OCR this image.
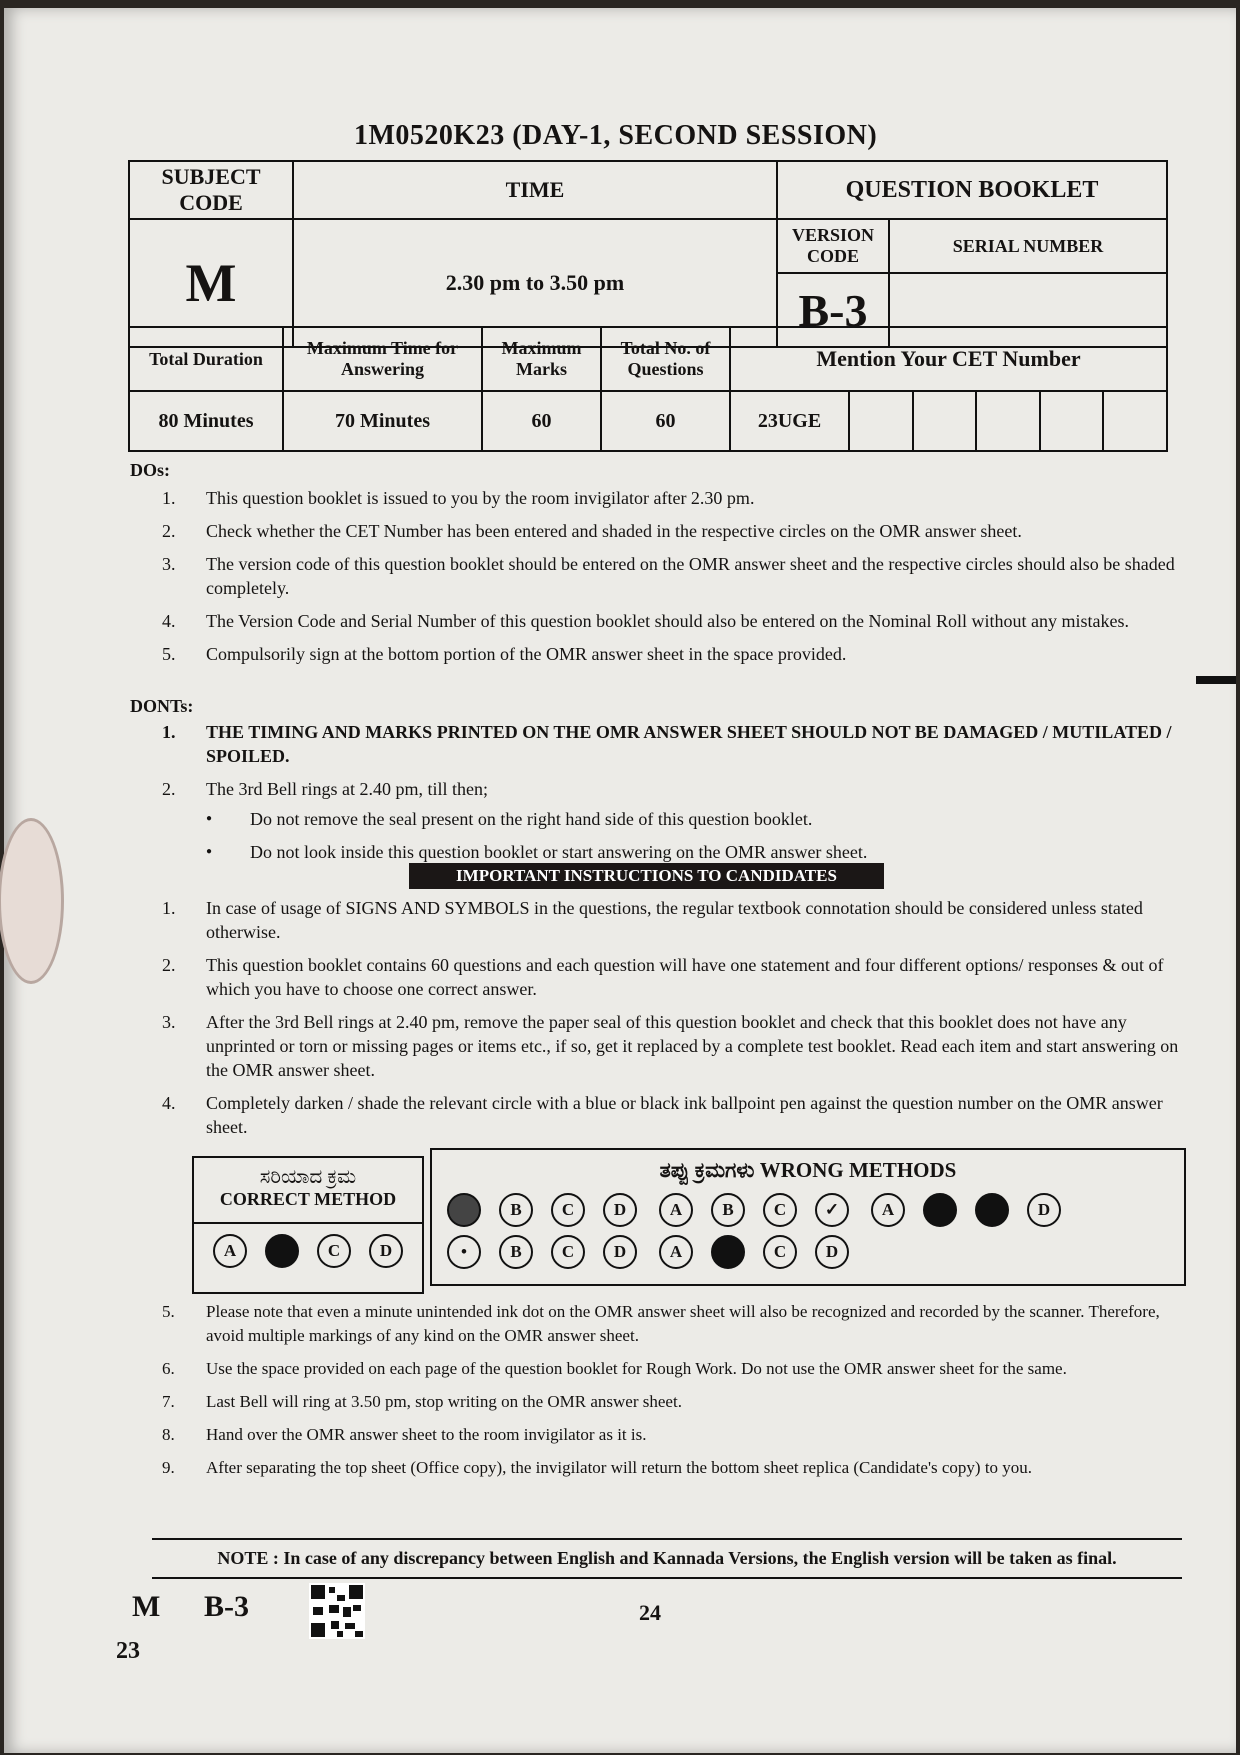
1M0520K23 (DAY-1, SECOND SESSION)
SUBJECT CODE	TIME	QUESTION BOOKLET	
M	2.30 pm to 3.50 pm	VERSION CODE	SERIAL NUMBER
		B-3	
Total Duration	Maximum Time for Answering	Maximum Marks	Total No. of Questions	Mention Your CET Number					
80 Minutes	70 Minutes	60	60	23UGE					
DOs:
1. This question booklet is issued to you by the room invigilator after 2.30 pm.
2. Check whether the CET Number has been entered and shaded in the respective circles on the OMR answer sheet.
3. The version code of this question booklet should be entered on the OMR answer sheet and the respective circles should also be shaded completely.
4. The Version Code and Serial Number of this question booklet should also be entered on the Nominal Roll without any mistakes.
5. Compulsorily sign at the bottom portion of the OMR answer sheet in the space provided.
DONTs:
1. THE TIMING AND MARKS PRINTED ON THE OMR ANSWER SHEET SHOULD NOT BE DAMAGED / MUTILATED / SPOILED.
2. The 3rd Bell rings at 2.40 pm, till then;
● Do not remove the seal present on the right hand side of this question booklet.
● Do not look inside this question booklet or start answering on the OMR answer sheet.
IMPORTANT INSTRUCTIONS TO CANDIDATES
1. In case of usage of SIGNS AND SYMBOLS in the questions, the regular textbook connotation should be considered unless stated otherwise.
2. This question booklet contains 60 questions and each question will have one statement and four different options/ responses & out of which you have to choose one correct answer.
3. After the 3rd Bell rings at 2.40 pm, remove the paper seal of this question booklet and check that this booklet does not have any unprinted or torn or missing pages or items etc., if so, get it replaced by a complete test booklet. Read each item and start answering on the OMR answer sheet.
4. Completely darken / shade the relevant circle with a blue or black ink ballpoint pen against the question number on the OMR answer sheet.
ಸರಿಯಾದ ಕ್ರಮ
CORRECT METHOD
A	C D
ತಪ್ಪು ಕ್ರಮಗಳು WRONG METHODS
B C D	A B C ✓	A	D
•	B C D	A	C D
5. Please note that even a minute unintended ink dot on the OMR answer sheet will also be recognized and recorded by the scanner. Therefore, avoid multiple markings of any kind on the OMR answer sheet.
6. Use the space provided on each page of the question booklet for Rough Work. Do not use the OMR answer sheet for the same.
7. Last Bell will ring at 3.50 pm, stop writing on the OMR answer sheet.
8. Hand over the OMR answer sheet to the room invigilator as it is.
9. After separating the top sheet (Office copy), the invigilator will return the bottom sheet replica (Candidate's copy) to you.
NOTE : In case of any discrepancy between English and Kannada Versions, the English version will be taken as final.
M B-3	24
23
